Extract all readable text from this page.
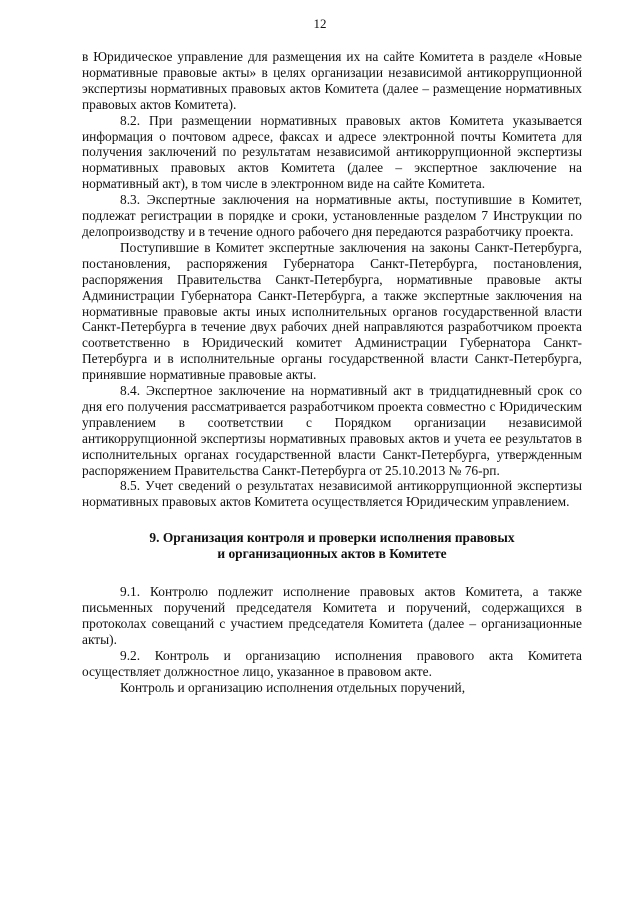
12

в Юридическое управление для размещения их на сайте Комитета в разделе «Новые нормативные правовые акты» в целях организации независимой антикоррупционной экспертизы нормативных правовых актов Комитета (далее – размещение нормативных правовых актов Комитета).

8.2. При размещении нормативных правовых актов Комитета указывается информация о почтовом адресе, факсах и адресе электронной почты Комитета для получения заключений по результатам независимой антикоррупционной экспертизы нормативных правовых актов Комитета (далее – экспертное заключение на нормативный акт), в том числе в электронном виде на сайте Комитета.

8.3. Экспертные заключения на нормативные акты, поступившие в Комитет, подлежат регистрации в порядке и сроки, установленные разделом 7 Инструкции по делопроизводству и в течение одного рабочего дня передаются разработчику проекта.

Поступившие в Комитет экспертные заключения на законы Санкт-Петербурга, постановления, распоряжения Губернатора Санкт-Петербурга, постановления, распоряжения Правительства Санкт-Петербурга, нормативные правовые акты Администрации Губернатора Санкт-Петербурга, а также экспертные заключения на нормативные правовые акты иных исполнительных органов государственной власти Санкт-Петербурга в течение двух рабочих дней направляются разработчиком проекта соответственно в Юридический комитет Администрации Губернатора Санкт-Петербурга и в исполнительные органы государственной власти Санкт-Петербурга, принявшие нормативные правовые акты.

8.4. Экспертное заключение на нормативный акт в тридцатидневный срок со дня его получения рассматривается разработчиком проекта совместно с Юридическим управлением в соответствии с Порядком организации независимой антикоррупционной экспертизы нормативных правовых актов и учета ее результатов в исполнительных органах государственной власти Санкт-Петербурга, утвержденным распоряжением Правительства Санкт-Петербурга от 25.10.2013 № 76-рп.

8.5. Учет сведений о результатах независимой антикоррупционной экспертизы нормативных правовых актов Комитета осуществляется Юридическим управлением.

9. Организация контроля и проверки исполнения правовых
и организационных актов в Комитете

9.1. Контролю подлежит исполнение правовых актов Комитета, а также письменных поручений председателя Комитета и поручений, содержащихся в протоколах совещаний с участием председателя Комитета (далее – организационные акты).

9.2. Контроль и организацию исполнения правового акта Комитета осуществляет должностное лицо, указанное в правовом акте.

Контроль и организацию исполнения отдельных поручений,
